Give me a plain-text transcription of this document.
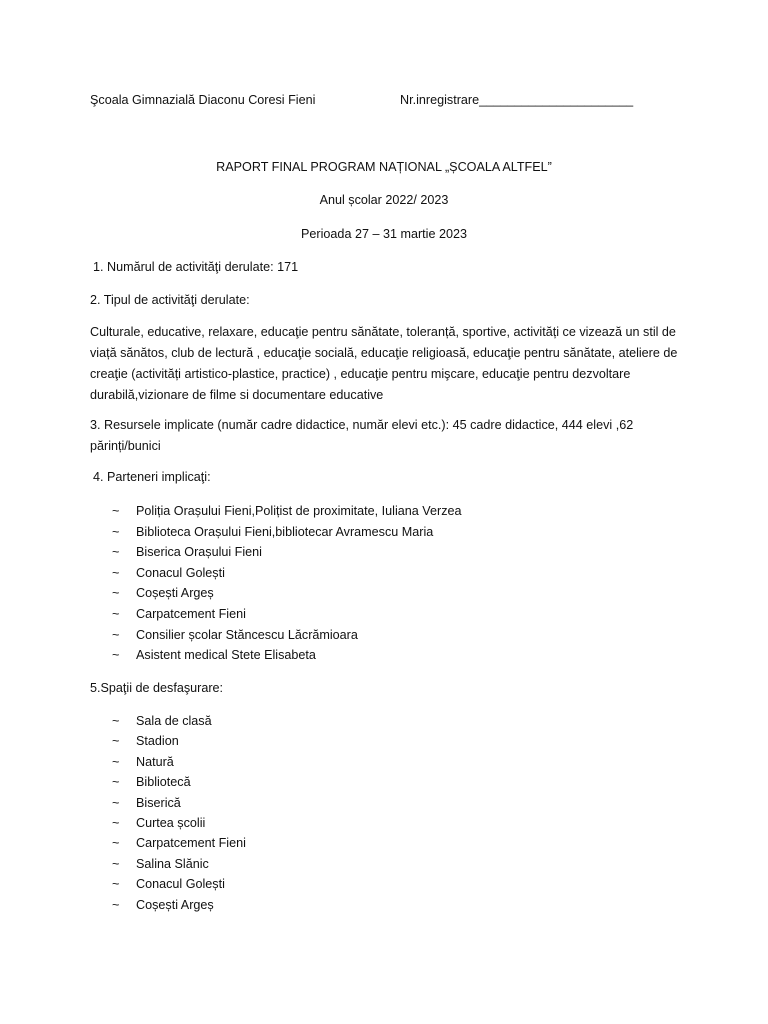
Şcoala Gimnazială Diaconu Coresi Fieni	Nr.inregistrare______________________
RAPORT FINAL PROGRAM NAȚIONAL „ȘCOALA ALTFEL”
Anul școlar 2022/ 2023
Perioada 27 – 31 martie 2023
1. Numărul de activităţi derulate: 171
2. Tipul de activităţi derulate:
Culturale, educative, relaxare, educaţie pentru sănătate, toleranță, sportive, activități ce vizează un stil de viață sănătos, club de lectură , educaţie socială, educaţie religioasă, educaţie pentru sănătate, ateliere de creaţie (activități artistico-plastice, practice) , educaţie pentru mişcare, educaţie pentru dezvoltare durabilă,vizionare de filme si documentare educative
3. Resursele implicate (număr cadre didactice, număr elevi etc.): 45 cadre didactice, 444 elevi ,62 părinți/bunici
4. Parteneri implicaţi:
~ Poliția Orașului Fieni,Polițist de proximitate, Iuliana Verzea
~ Biblioteca Orașului Fieni,bibliotecar Avramescu Maria
~ Biserica Orașului Fieni
~ Conacul Golești
~ Coșești Argeș
~ Carpatcement Fieni
~ Consilier școlar Stăncescu Lăcrămioara
~ Asistent medical Stete Elisabeta
5.Spaţii de desfaşurare:
~ Sala de clasă
~ Stadion
~ Natură
~ Bibliotecă
~ Biserică
~ Curtea școlii
~ Carpatcement Fieni
~ Salina Slănic
~ Conacul Golești
~ Coșești Argeș
